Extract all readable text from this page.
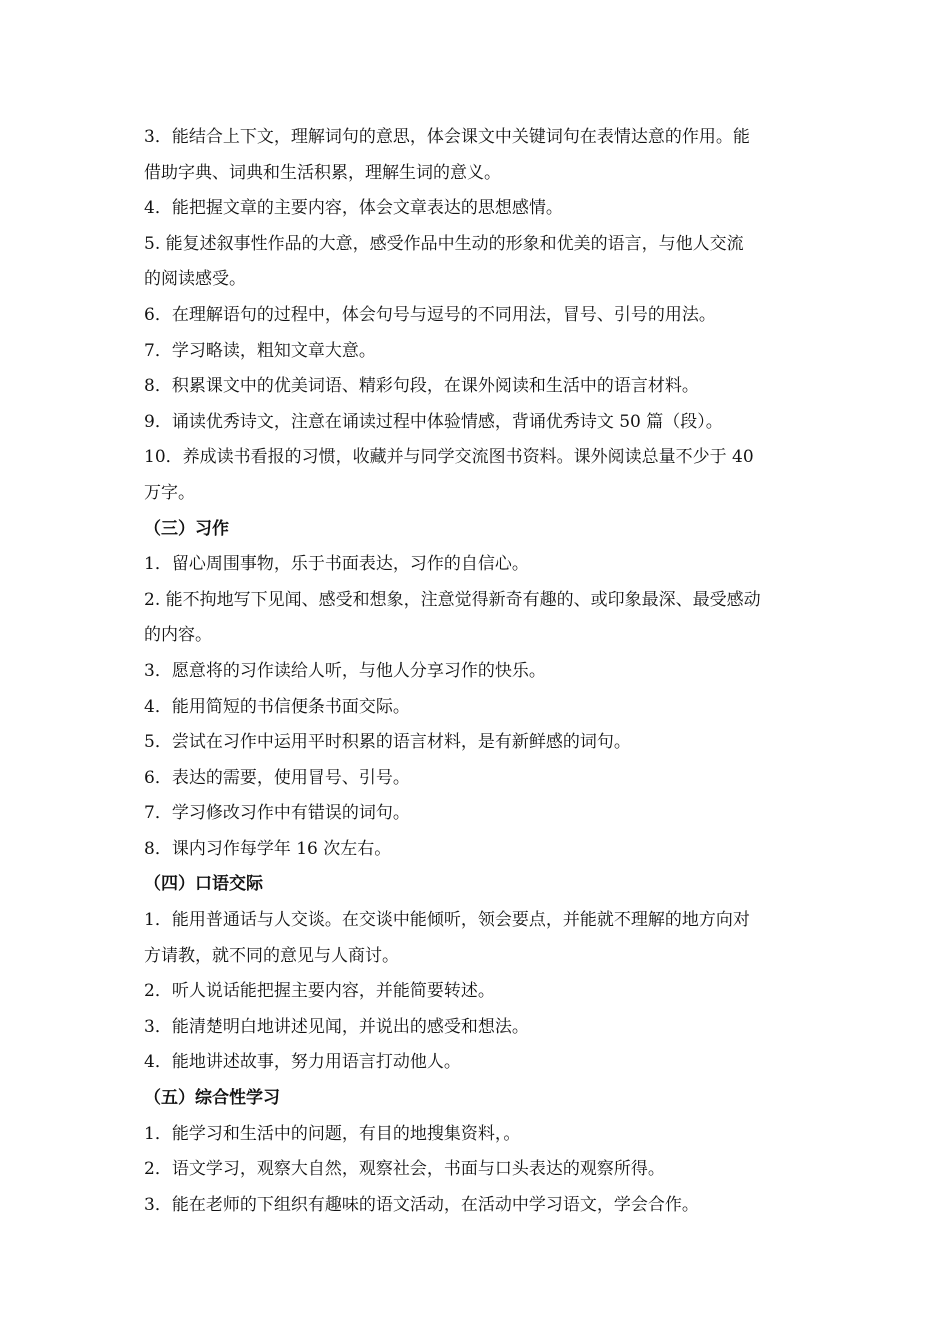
3．能结合上下文，理解词句的意思，体会课文中关键词句在表情达意的作用。能
借助字典、词典和生活积累，理解生词的意义。
4．能把握文章的主要内容，体会文章表达的思想感情。
5. 能复述叙事性作品的大意，感受作品中生动的形象和优美的语言，与他人交流
的阅读感受。
6．在理解语句的过程中，体会句号与逗号的不同用法，冒号、引号的用法。
7．学习略读，粗知文章大意。
8．积累课文中的优美词语、精彩句段，在课外阅读和生活中的语言材料。
9．诵读优秀诗文，注意在诵读过程中体验情感，背诵优秀诗文 50 篇（段）。
10．养成读书看报的习惯，收藏并与同学交流图书资料。课外阅读总量不少于 40
万字。
（三）习作
1．留心周围事物，乐于书面表达，习作的自信心。
2. 能不拘地写下见闻、感受和想象，注意觉得新奇有趣的、或印象最深、最受感动
的内容。
3．愿意将的习作读给人听，与他人分享习作的快乐。
4．能用简短的书信便条书面交际。
5．尝试在习作中运用平时积累的语言材料，是有新鲜感的词句。
6．表达的需要，使用冒号、引号。
7．学习修改习作中有错误的词句。
8．课内习作每学年 16 次左右。
（四）口语交际
1．能用普通话与人交谈。在交谈中能倾听，领会要点，并能就不理解的地方向对
方请教，就不同的意见与人商讨。
2．听人说话能把握主要内容，并能简要转述。
3．能清楚明白地讲述见闻，并说出的感受和想法。
4．能地讲述故事，努力用语言打动他人。
（五）综合性学习
1．能学习和生活中的问题，有目的地搜集资料，。
2．语文学习，观察大自然，观察社会，书面与口头表达的观察所得。
3．能在老师的下组织有趣味的语文活动，在活动中学习语文，学会合作。
